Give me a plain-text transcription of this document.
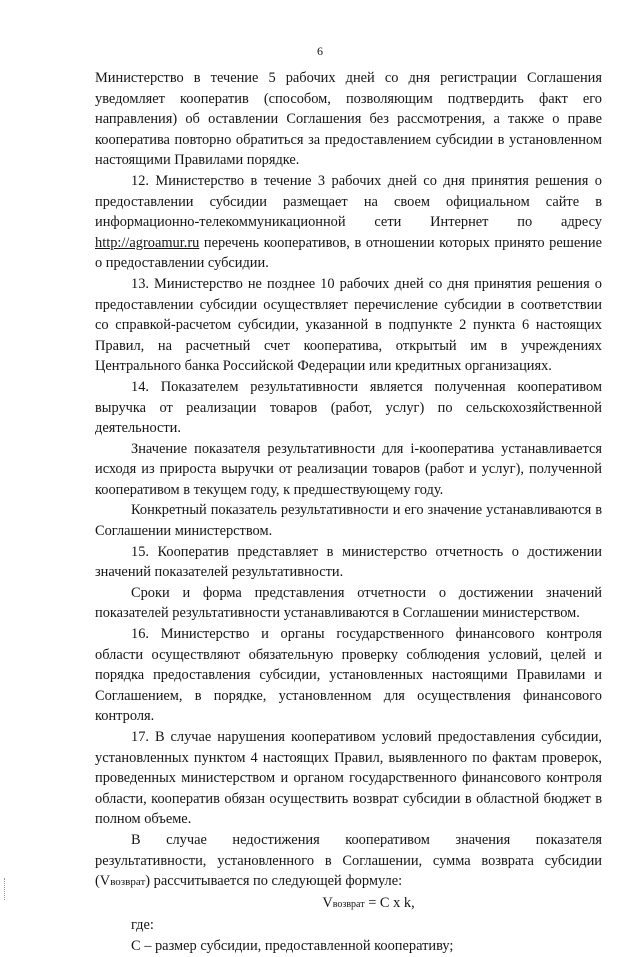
6

Министерство в течение 5 рабочих дней со дня регистрации Соглашения уведомляет кооператив (способом, позволяющим подтвердить факт его направления) об оставлении Соглашения без рассмотрения, а также о праве кооператива повторно обратиться за предоставлением субсидии в установленном настоящими Правилами порядке.

12. Министерство в течение 3 рабочих дней со дня принятия решения о предоставлении субсидии размещает на своем официальном сайте в информационно-телекоммуникационной сети Интернет по адресу http://agroamur.ru перечень кооперативов, в отношении которых принято решение о предоставлении субсидии.

13. Министерство не позднее 10 рабочих дней со дня принятия решения о предоставлении субсидии осуществляет перечисление субсидии в соответствии со справкой-расчетом субсидии, указанной в подпункте 2 пункта 6 настоящих Правил, на расчетный счет кооператива, открытый им в учреждениях Центрального банка Российской Федерации или кредитных организациях.

14. Показателем результативности является полученная кооперативом выручка от реализации товаров (работ, услуг) по сельскохозяйственной деятельности.

Значение показателя результативности для i-кооператива устанавливается исходя из прироста выручки от реализации товаров (работ и услуг), полученной кооперативом в текущем году, к предшествующему году.

Конкретный показатель результативности и его значение устанавливаются в Соглашении министерством.

15. Кооператив представляет в министерство отчетность о достижении значений показателей результативности.

Сроки и форма представления отчетности о достижении значений показателей результативности устанавливаются в Соглашении министерством.

16. Министерство и органы государственного финансового контроля области осуществляют обязательную проверку соблюдения условий, целей и порядка предоставления субсидии, установленных настоящими Правилами и Соглашением, в порядке, установленном для осуществления финансового контроля.

17. В случае нарушения кооперативом условий предоставления субсидии, установленных пунктом 4 настоящих Правил, выявленного по фактам проверок, проведенных министерством и органом государственного финансового контроля области, кооператив обязан осуществить возврат субсидии в областной бюджет в полном объеме.

В случае недостижения кооперативом значения показателя результативности, установленного в Соглашении, сумма возврата субсидии (Vвозврат) рассчитывается по следующей формуле:

Vвозврат = C x k,

где:

С – размер субсидии, предоставленной кооперативу;
